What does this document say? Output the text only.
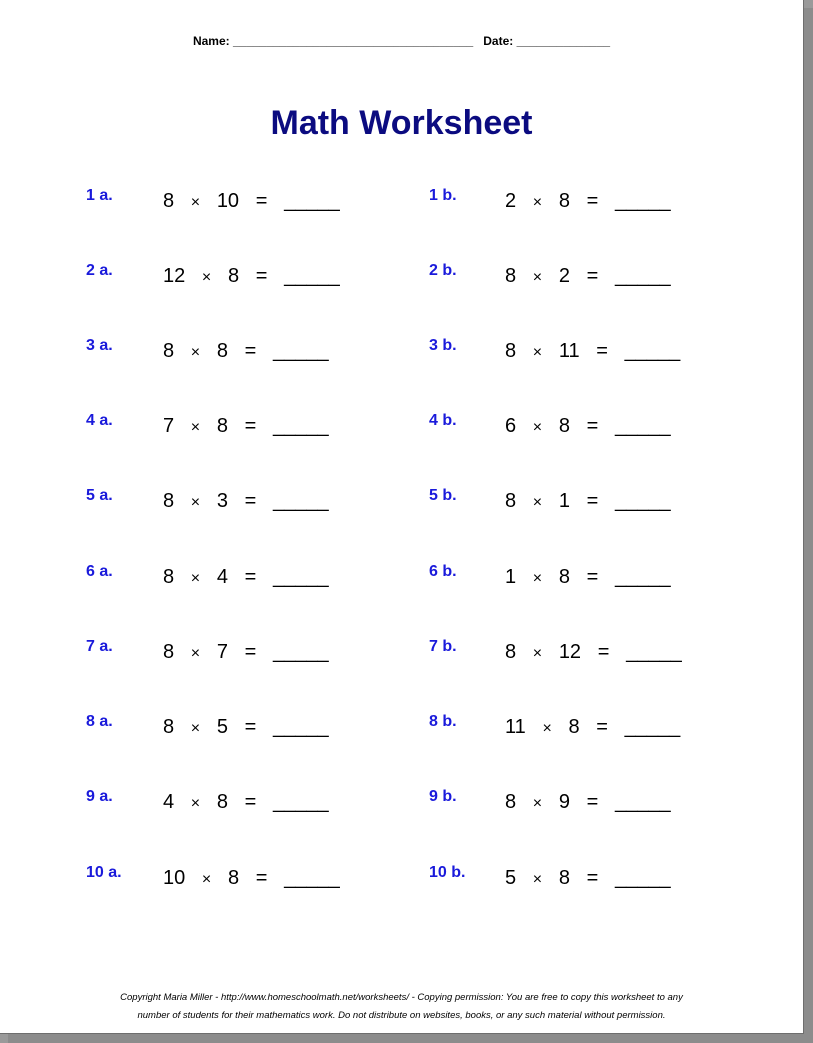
Name: ____________________________________ Date: ______________
Math Worksheet
1 a.	8 × 10 = _____
2 a.	12 × 8 = _____
3 a.	8 × 8 = _____
4 a.	7 × 8 = _____
5 a.	8 × 3 = _____
6 a.	8 × 4 = _____
7 a.	8 × 7 = _____
8 a.	8 × 5 = _____
9 a.	4 × 8 = _____
10 a. 10 × 8 = _____
1 b. 2 × 8 = _____
2 b. 8 × 2 = _____
3 b. 8 × 11 = _____
4 b. 6 × 8 = _____
5 b. 8 × 1 = _____
6 b. 1 × 8 = _____
7 b. 8 × 12 = _____
8 b. 11 × 8 = _____
9 b. 8 × 9 = _____
10 b. 5 × 8 = _____
Copyright Maria Miller - http://www.homeschoolmath.net/worksheets/ - Copying permission: You are free to copy this worksheet to any
number of students for their mathematics work. Do not distribute on websites, books, or any such material without permission.
